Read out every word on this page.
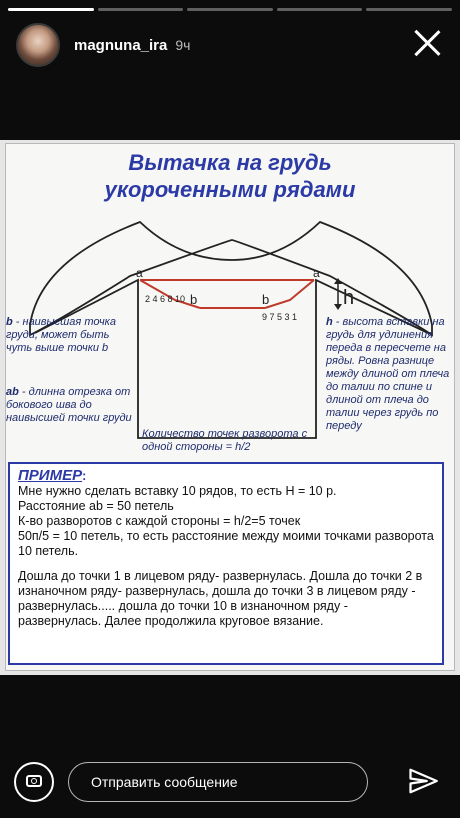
magnuna_ira 9ч
Вытачка на грудь
укороченными рядами
a	a
b	b
2 4 6 8 10
9 7 5 3 1
h
b - наивысшая точка груди, может быть чуть выше точки b
ab - длинна отрезка от бокового шва до наивысшей точки груди
h - высота вставки на грудь для удлинения переда в пересчете на ряды. Ровна разнице между длиной от плеча до талии по спине и длиной от плеча до талии через грудь по переду
Количество точек разворота с одной стороны = h/2
ПРИМЕР:
Мне нужно сделать вставку 10 рядов, то есть H = 10 р.
Расстояние ab = 50 петель
К-во разворотов с каждой стороны = h/2=5 точек
50п/5 = 10 петель, то есть расстояние между моими точками разворота 10 петель.
Дошла до точки 1 в лицевом ряду- развернулась. Дошла до точки 2 в изнаночном ряду- развернулась, дошла до точки 3 в лицевом ряду - развернулась..... дошла до точки 10 в изнаночном ряду - развернулась. Далее продолжила круговое вязание.
Отправить сообщение
